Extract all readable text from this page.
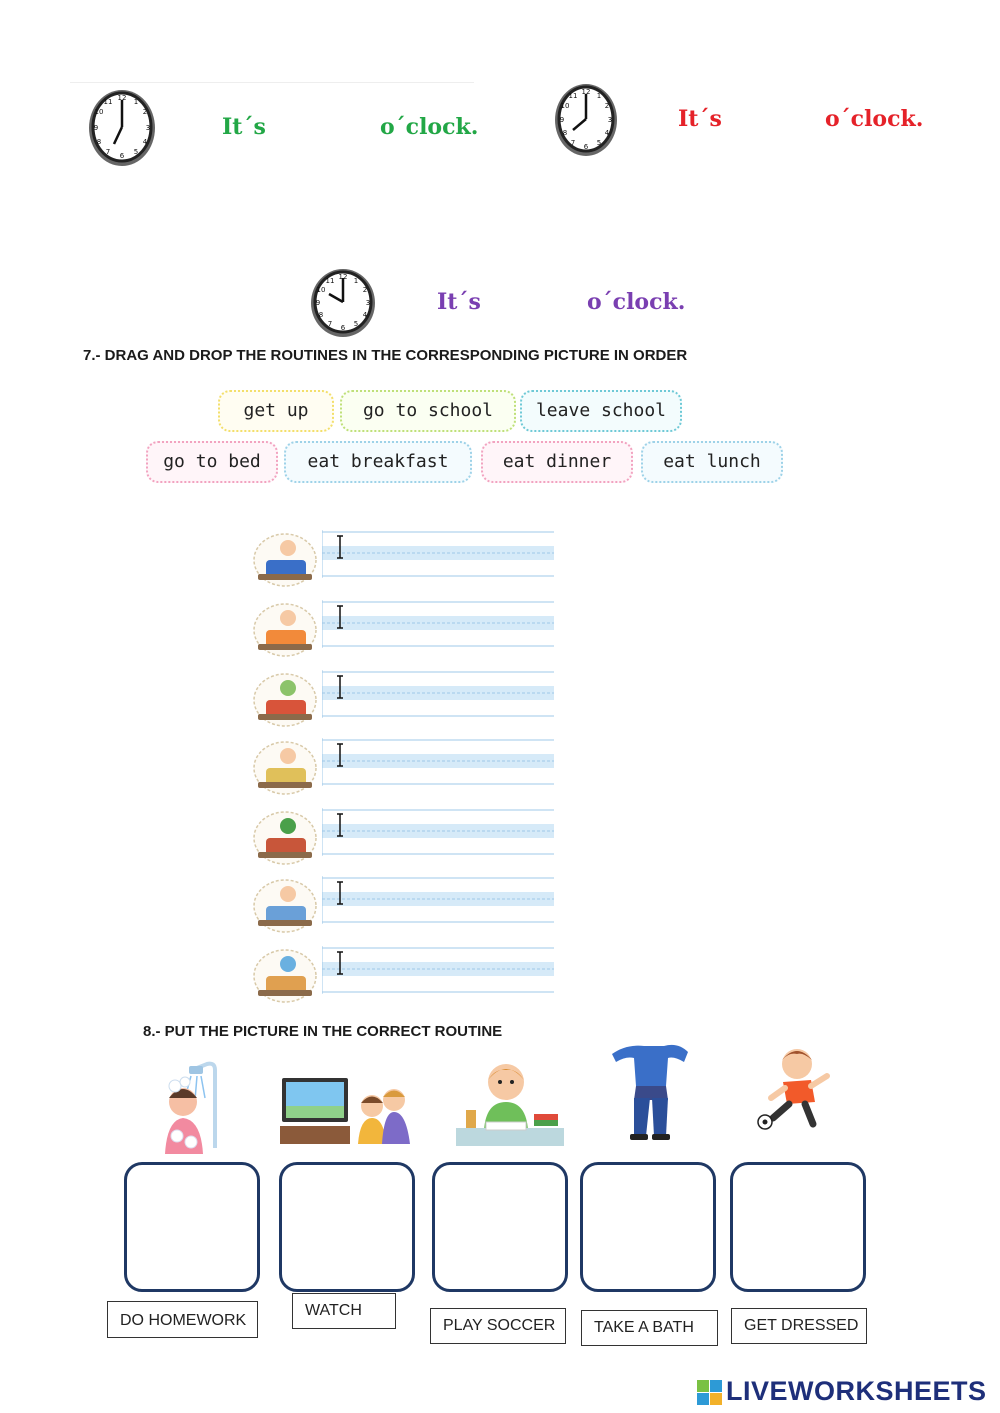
12 1
2
3
4
5
6
7
8
9
10
11
It´s	o´clock.
12 1
2
3
4
5
6
7
8
9
10
11
It´s	o´clock.
12 1
2
3
4
5
6
7
8
9
10
11
It´s	o´clock.
7.- DRAG AND DROP THE ROUTINES IN THE CORRESPONDING PICTURE IN ORDER
get up	go to school	leave school
go to bed	eat breakfast	eat dinner	eat lunch
8.- PUT THE PICTURE IN THE CORRECT ROUTINE
DO HOMEWORK
WATCH
PLAY SOCCER	TAKE A BATH	GET DRESSED
LIVEWORKSHEETS
